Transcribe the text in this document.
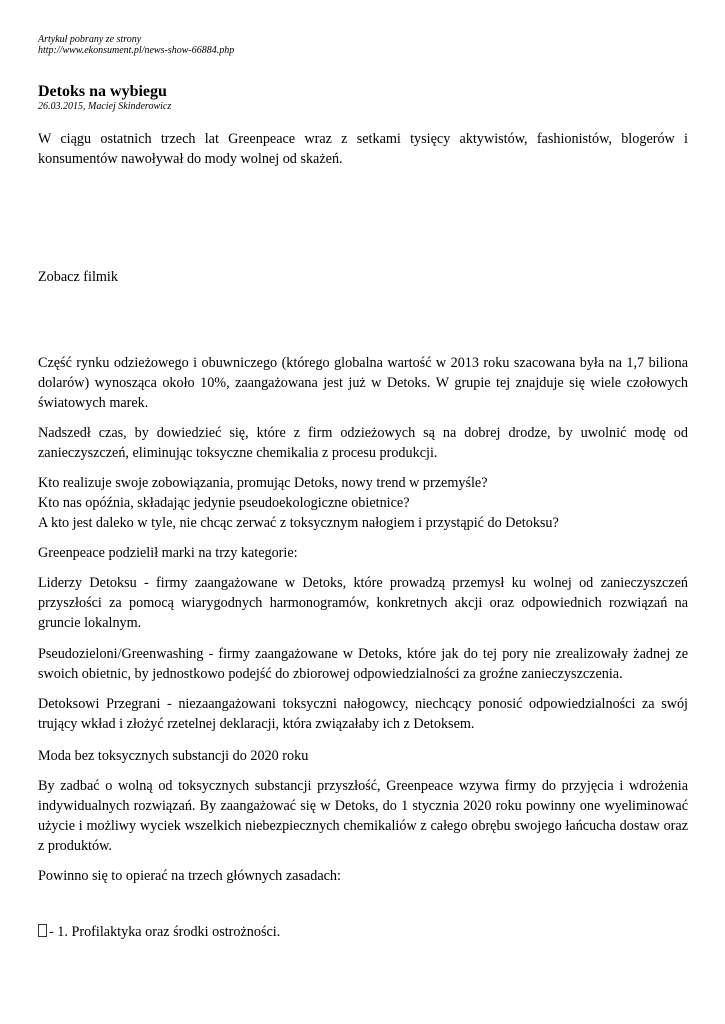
Artykuł pobrany ze strony
http://www.ekonsument.pl/news-show-66884.php
Detoks na wybiegu
26.03.2015, Maciej Skinderowicz

W ciągu ostatnich trzech lat Greenpeace wraz z setkami tysięcy aktywistów, fashionistów, blogerów i konsumentów nawoływał do mody wolnej od skażeń.

Zobacz filmik

Część rynku odzieżowego i obuwniczego (którego globalna wartość w 2013 roku szacowana była na 1,7 biliona dolarów) wynosząca około 10%, zaangażowana jest już w Detoks. W grupie tej znajduje się wiele czołowych światowych marek.

Nadszedł czas, by dowiedzieć się, które z firm odzieżowych są na dobrej drodze, by uwolnić modę od zanieczyszczeń, eliminując toksyczne chemikalia z procesu produkcji.

Kto realizuje swoje zobowiązania, promując Detoks, nowy trend w przemyśle?
Kto nas opóźnia, składając jedynie pseudoekologiczne obietnice?
A kto jest daleko w tyle, nie chcąc zerwać z toksycznym nałogiem i przystąpić do Detoksu?

Greenpeace podzielił marki na trzy kategorie:

Liderzy Detoksu - firmy zaangażowane w Detoks, które prowadzą przemysł ku wolnej od zanieczyszczeń przyszłości za pomocą wiarygodnych harmonogramów, konkretnych akcji oraz odpowiednich rozwiązań na gruncie lokalnym.

Pseudozieloni/Greenwashing - firmy zaangażowane w Detoks, które jak do tej pory nie zrealizowały żadnej ze swoich obietnic, by jednostkowo podejść do zbiorowej odpowiedzialności za groźne zanieczyszczenia.

Detoksowi Przegrani - niezaangażowani toksyczni nałogowcy, niechcący ponosić odpowiedzialności za swój trujący wkład i złożyć rzetelnej deklaracji, która związałaby ich z Detoksem.

Moda bez toksycznych substancji do 2020 roku

By zadbać o wolną od toksycznych substancji przyszłość, Greenpeace wzywa firmy do przyjęcia i wdrożenia indywidualnych rozwiązań. By zaangażować się w Detoks, do 1 stycznia 2020 roku powinny one wyeliminować użycie i możliwy wyciek wszelkich niebezpiecznych chemikaliów z całego obrębu swojego łańcucha dostaw oraz z produktów.

Powinno się to opierać na trzech głównych zasadach:

- 1. Profilaktyka oraz środki ostrożności.
